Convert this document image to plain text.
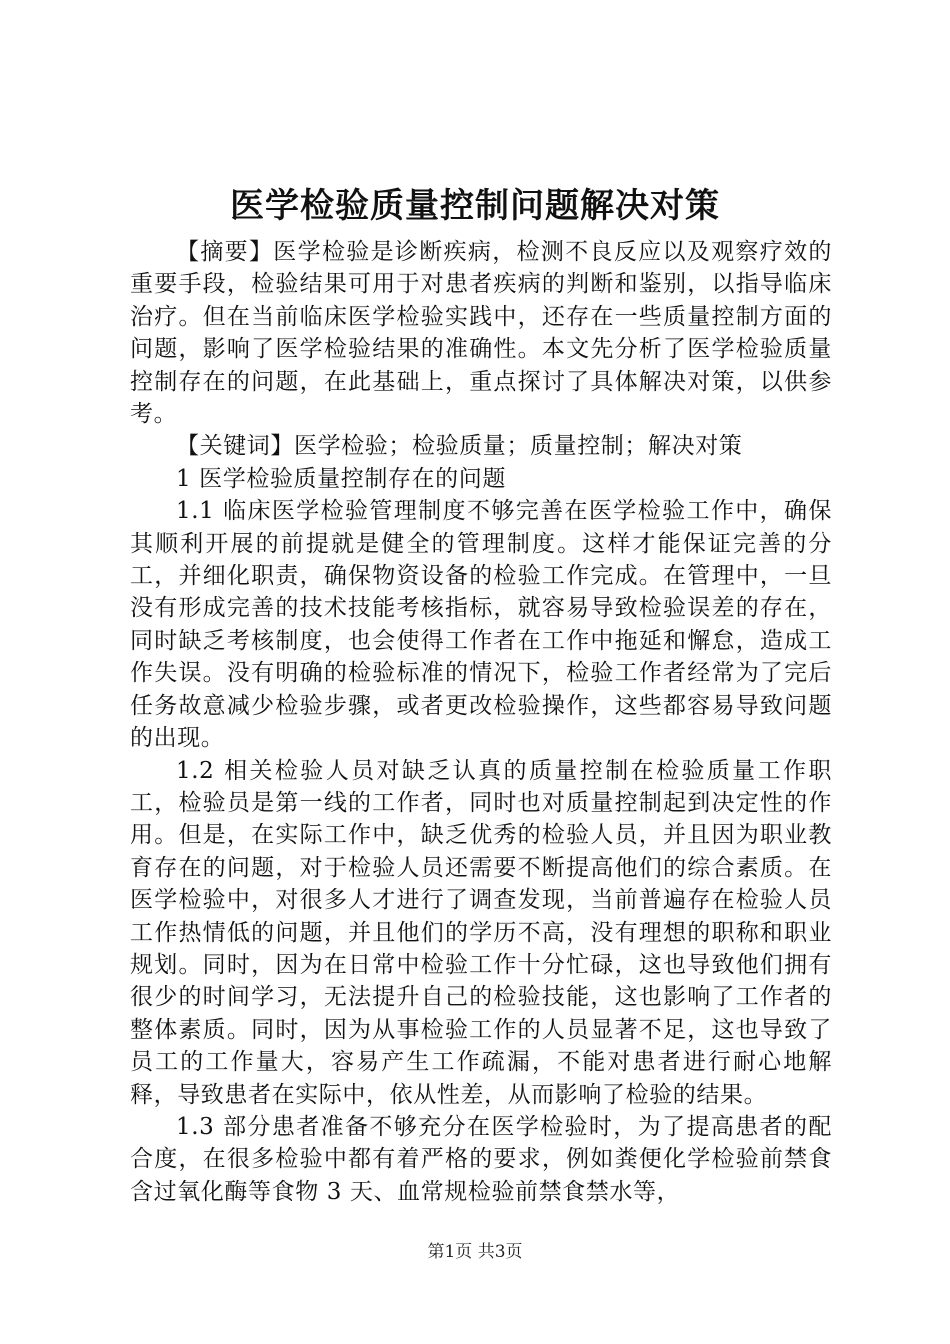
医学检验质量控制问题解决对策

【摘要】医学检验是诊断疾病，检测不良反应以及观察疗效的重要手段，检验结果可用于对患者疾病的判断和鉴别，以指导临床治疗。但在当前临床医学检验实践中，还存在一些质量控制方面的问题，影响了医学检验结果的准确性。本文先分析了医学检验质量控制存在的问题，在此基础上，重点探讨了具体解决对策，以供参考。

【关键词】医学检验；检验质量；质量控制；解决对策

1 医学检验质量控制存在的问题

1.1 临床医学检验管理制度不够完善在医学检验工作中，确保其顺利开展的前提就是健全的管理制度。这样才能保证完善的分工，并细化职责，确保物资设备的检验工作完成。在管理中，一旦没有形成完善的技术技能考核指标，就容易导致检验误差的存在，同时缺乏考核制度，也会使得工作者在工作中拖延和懈怠，造成工作失误。没有明确的检验标准的情况下，检验工作者经常为了完后任务故意减少检验步骤，或者更改检验操作，这些都容易导致问题的出现。

1.2 相关检验人员对缺乏认真的质量控制在检验质量工作职工，检验员是第一线的工作者，同时也对质量控制起到决定性的作用。但是，在实际工作中，缺乏优秀的检验人员，并且因为职业教育存在的问题，对于检验人员还需要不断提高他们的综合素质。在医学检验中，对很多人才进行了调查发现，当前普遍存在检验人员工作热情低的问题，并且他们的学历不高，没有理想的职称和职业规划。同时，因为在日常中检验工作十分忙碌，这也导致他们拥有很少的时间学习，无法提升自己的检验技能，这也影响了工作者的整体素质。同时，因为从事检验工作的人员显著不足，这也导致了员工的工作量大，容易产生工作疏漏，不能对患者进行耐心地解释，导致患者在实际中，依从性差，从而影响了检验的结果。

1.3 部分患者准备不够充分在医学检验时，为了提高患者的配合度，在很多检验中都有着严格的要求，例如粪便化学检验前禁食含过氧化酶等食物 3 天、血常规检验前禁食禁水等，

第1页 共3页
